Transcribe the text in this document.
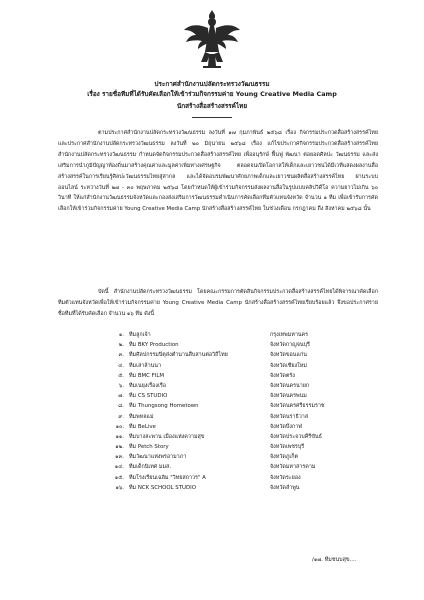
ประกาศสำนักงานปลัดกระทรวงวัฒนธรรม
เรื่อง รายชื่อทีมที่ได้รับคัดเลือกให้เข้าร่วมกิจกรรมค่าย Young Creative Media Camp
นักสร้างสื่อสร้างสรรค์ไทย

ตามประกาศสำนักงานปลัดกระทรวงวัฒนธรรม ลงวันที่ ๑๗ กุมภาพันธ์ ๒๕๖๘ เรื่อง กิจกรรมประกวดสื่อสร้างสรรค์ไทย และประกาศสำนักงานปลัดกระทรวงวัฒนธรรม ลงวันที่ ๒๐ มิถุนายน ๒๕๖๘ เรื่อง แก้ไขประกาศกิจกรรมประกวดสื่อสร้างสรรค์ไทย สำนักงานปลัดกระทรวงวัฒนธรรม กำหนดจัดกิจกรรมประกวดสื่อสร้างสรรค์ไทย เพื่ออนุรักษ์ ฟื้นฟู พัฒนา ต่อยอดศิลปะ วัฒนธรรม และส่งเสริมการนำภูมิปัญญาท้องถิ่นมาสร้างคุณค่าและมูลค่าเพิ่มทางเศรษฐกิจ ตลอดจนเปิดโอกาสให้เด็กและเยาวชนได้มีเวทีแสดงผลงานสื่อสร้างสรรค์ในการเรียนรู้ศิลปะวัฒนธรรมไทยสู่สากล และได้จัดอบรมพัฒนาศักยภาพเด็กและเยาวชนผลิตสื่อสร้างสรรค์ไทย ผ่านระบบออนไลน์ ระหว่างวันที่ ๒๗ - ๓๐ พฤษภาคม ๒๕๖๘ โดยกำหนดให้ผู้เข้าร่วมกิจกรรมส่งผลงานสื่อในรูปแบบคลิปวิดีโอ ความยาวไม่เกิน ๖๐ วินาที ให้แก่สำนักงานวัฒนธรรมจังหวัดและกองส่งเสริมการวัฒนธรรมดำเนินการคัดเลือกทีมตัวแทนจังหวัด จำนวน ๑ ทีม เพื่อเข้ารับการคัดเลือกให้เข้าร่วมกิจกรรมค่าย Young Creative Media Camp นักสร้างสื่อสร้างสรรค์ไทย ในช่วงเดือน กรกฎาคม ถึง สิงหาคม ๒๕๖๘ นั้น

บัดนี้ สำนักงานปลัดกระทรวงวัฒนธรรม โดยคณะกรรมการตัดสินกิจกรรมประกวดสื่อสร้างสรรค์ไทยได้พิจารณาคัดเลือกทีมตัวแทนจังหวัดเพื่อให้เข้าร่วมกิจกรรมค่าย Young Creative Media Camp นักสร้างสื่อสร้างสรรค์ไทยเรียบร้อยแล้ว จึงขอประกาศรายชื่อทีมที่ได้รับคัดเลือก จำนวน ๑๖ ทีม ดังนี้

๑. ทีมลูกเจ้า	กรุงเทพมหานคร
๒. ทีม BKY Production	จังหวัดกาญจนบุรี
๓. ทีมศิลปกรรมปิตุส่งตำนานสืบสานต่อวิถีไทย	จังหวัดขอนแก่น
๔. ทีมเล่าล้านนา	จังหวัดเชียงใหม่
๕. ทีม BMC FILM	จังหวัดตรัง
๖. ทีมเนยุงเรื่องเรือ	จังหวัดนครนายก
๗. ทีม CS STUDIO	จังหวัดนครพนม
๘. ทีม Thungsong Hometown	จังหวัดนครศรีธรรมราช
๙. ทีมพหลแม่	จังหวัดนราธิวาส
๑๐. ทีม BeLive	จังหวัดบึงกาฬ
๑๑. ทีมบางสะพาน เมืองแห่งความสุข	จังหวัดประจวบคีรีขันธ์
๑๒. ทีม Petch Story	จังหวัดเพชรบุรี
๑๓. ทีมวัฒนาแห่งพรอามาภา	จังหวัดภูเก็ต
๑๔. ทีมเด็กนิเทศ มมส.	จังหวัดมหาสารคาม
๑๕. ทีมโรงเรียนเฉลิม "วิทยสถาวร" A	จังหวัดระยอง
๑๖. ทีม NCK SCHOOL STUDIO	จังหวัดลำพูน
/๑๗. ทีมชนบสุข....
